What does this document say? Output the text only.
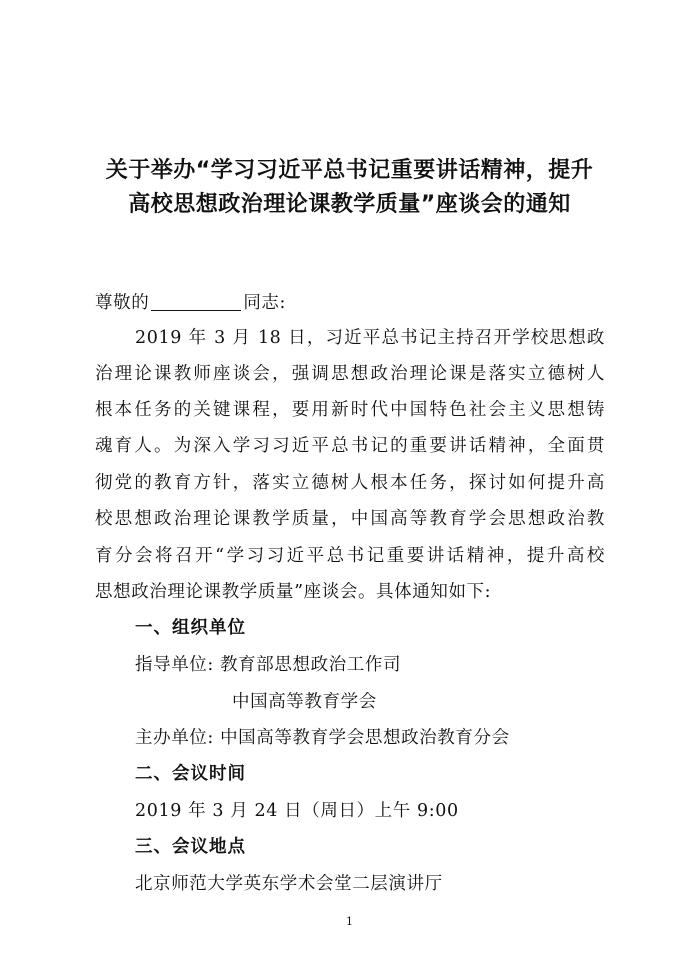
关于举办“学习习近平总书记重要讲话精神，提升
高校思想政治理论课教学质量”座谈会的通知
尊敬的	同志:
2019 年 3 月 18 日，习近平总书记主持召开学校思想政
治理论课教师座谈会，强调思想政治理论课是落实立德树人
根本任务的关键课程，要用新时代中国特色社会主义思想铸
魂育人。为深入学习习近平总书记的重要讲话精神，全面贯
彻党的教育方针，落实立德树人根本任务，探讨如何提升高
校思想政治理论课教学质量，中国高等教育学会思想政治教
育分会将召开“学习习近平总书记重要讲话精神，提升高校
思想政治理论课教学质量”座谈会。具体通知如下:
一、组织单位
指导单位: 教育部思想政治工作司
中国高等教育学会
主办单位: 中国高等教育学会思想政治教育分会
二、会议时间
2019 年 3 月 24 日（周日）上午 9:00
三、会议地点
北京师范大学英东学术会堂二层演讲厅
1
